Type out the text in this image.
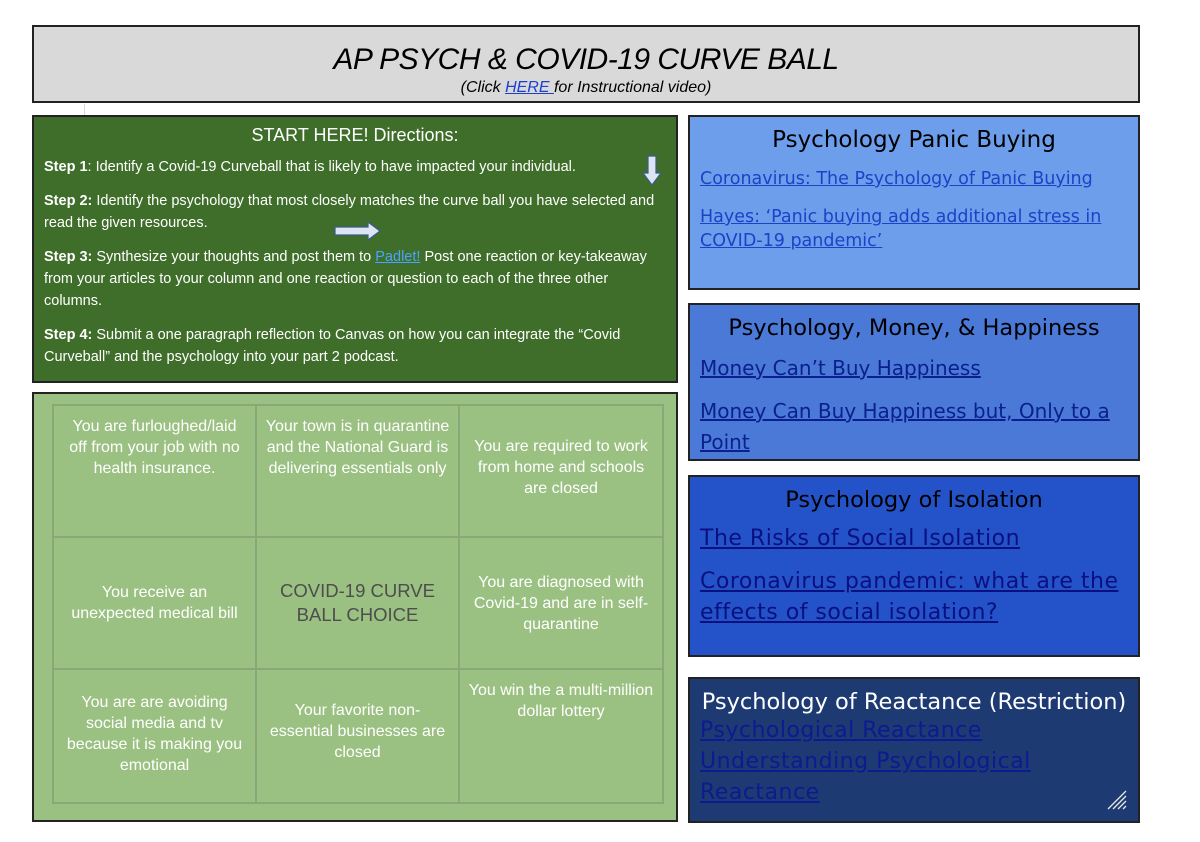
AP PSYCH & COVID-19 CURVE BALL
(Click HERE for Instructional video)
START HERE! Directions:
Step 1: Identify a Covid-19 Curveball that is likely to have impacted your individual.
Step 2: Identify the psychology that most closely matches the curve ball you have selected and read the given resources.
Step 3: Synthesize your thoughts and post them to Padlet! Post one reaction or key-takeaway from your articles to your column and one reaction or question to each of the three other columns.
Step 4: Submit a one paragraph reflection to Canvas on how you can integrate the “Covid Curveball” and the psychology into your part 2 podcast.
You are furloughed/laid off from your job with no health insurance.
Your town is in quarantine and the National Guard is delivering essentials only
You are required to work from home and schools are closed
You receive an unexpected medical bill
COVID-19 CURVE BALL CHOICE
You are diagnosed with Covid-19 and are in self-quarantine
You are are avoiding social media and tv because it is making you emotional
Your favorite non-essential businesses are closed
You win the a multi-million dollar lottery
Psychology Panic Buying
Coronavirus: The Psychology of Panic Buying
Hayes: ‘Panic buying adds additional stress in COVID-19 pandemic’
Psychology, Money, & Happiness
Money Can’t Buy Happiness
Money Can Buy Happiness but, Only to a Point
Psychology of Isolation
The Risks of Social Isolation
Coronavirus pandemic: what are the effects of social isolation?
Psychology of Reactance (Restriction)
Psychological Reactance
Understanding Psychological Reactance
